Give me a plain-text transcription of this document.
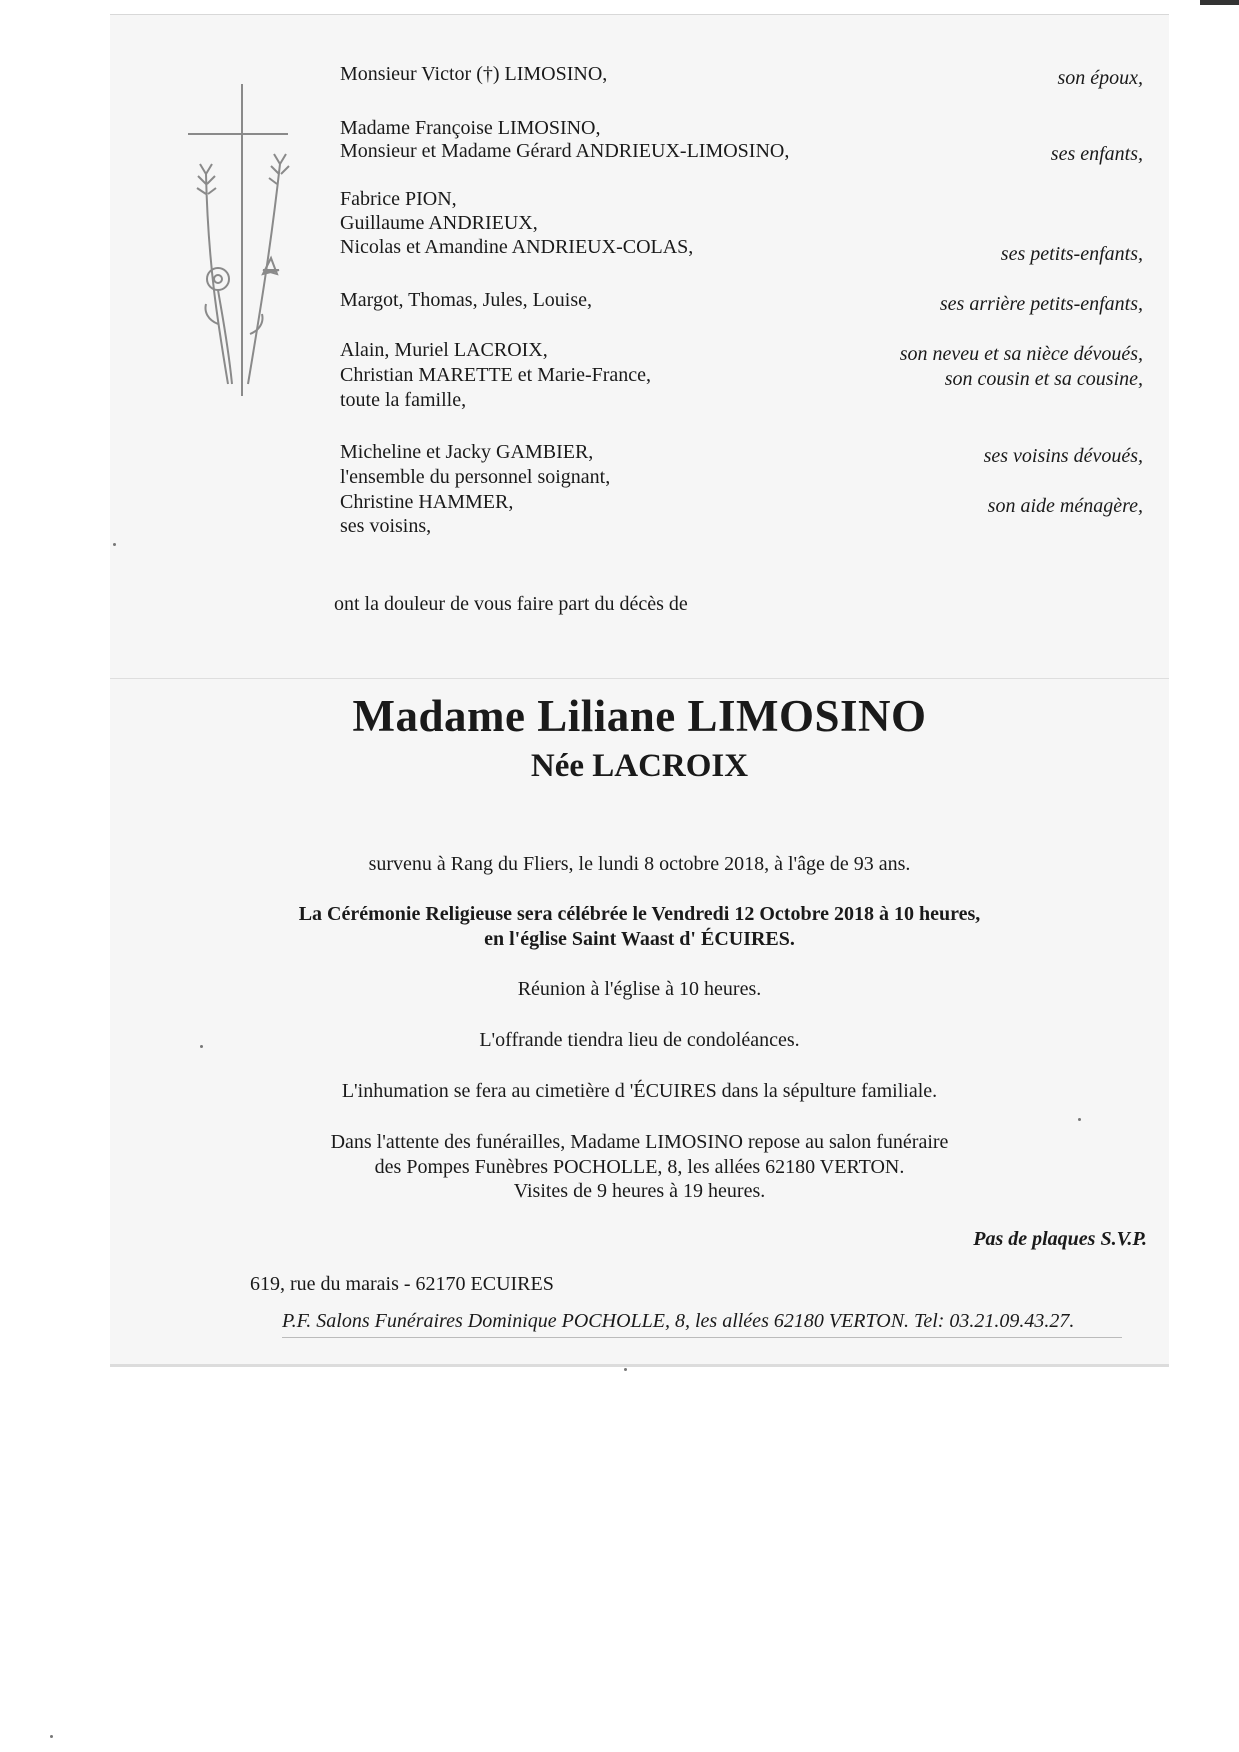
Monsieur Victor (†) LIMOSINO,	son époux,
Madame Françoise LIMOSINO,
Monsieur et Madame Gérard ANDRIEUX-LIMOSINO,	ses enfants,
Fabrice PION,
Guillaume ANDRIEUX,
Nicolas et Amandine ANDRIEUX-COLAS,	ses petits-enfants,
Margot, Thomas, Jules, Louise,	ses arrière petits-enfants,
Alain, Muriel LACROIX,	son neveu et sa nièce dévoués,
Christian MARETTE et Marie-France,	son cousin et sa cousine,
toute la famille,
Micheline et Jacky GAMBIER,	ses voisins dévoués,
l'ensemble du personnel soignant,
Christine HAMMER,	son aide ménagère,
ses voisins,
ont la douleur de vous faire part du décès de
Madame Liliane LIMOSINO
Née LACROIX
survenu à Rang du Fliers, le lundi 8 octobre 2018, à l'âge de 93 ans.
La Cérémonie Religieuse sera célébrée le Vendredi 12 Octobre 2018 à 10 heures,
en l'église Saint Waast d' ÉCUIRES.
Réunion à l'église à 10 heures.
L'offrande tiendra lieu de condoléances.
L'inhumation se fera au cimetière d 'ÉCUIRES dans la sépulture familiale.
Dans l'attente des funérailles, Madame LIMOSINO repose au salon funéraire
des Pompes Funèbres POCHOLLE, 8, les allées 62180 VERTON.
Visites de 9 heures à 19 heures.
Pas de plaques S.V.P.
619, rue du marais - 62170 ECUIRES
P.F. Salons Funéraires Dominique POCHOLLE, 8, les allées 62180 VERTON. Tel: 03.21.09.43.27.
